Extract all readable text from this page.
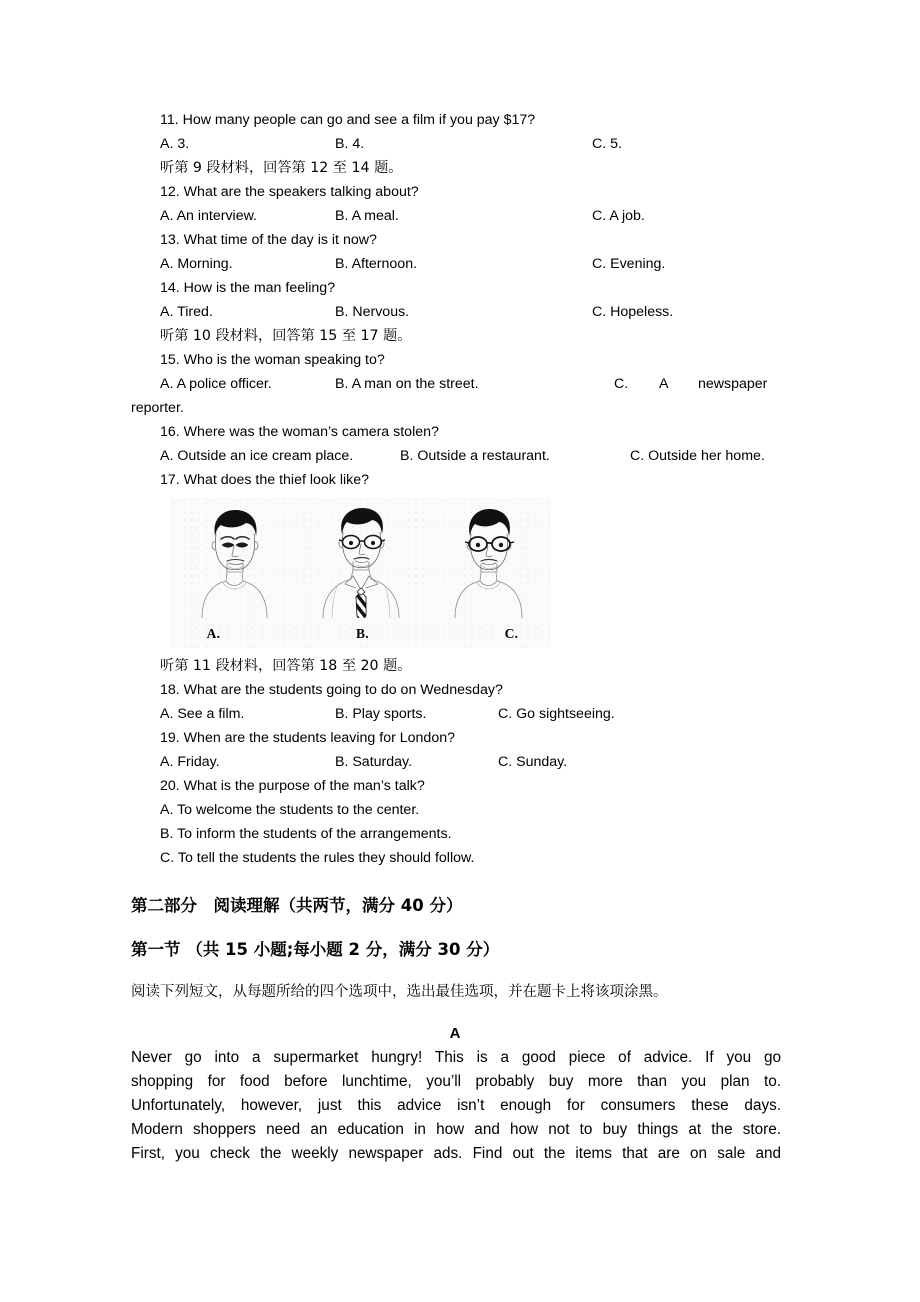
11. How many people can go and see a film if you pay $17?
A. 3.	B. 4.	C. 5.
听第 9 段材料，回答第 12 至 14 题。
12. What are the speakers talking about?
A. An interview.	B. A meal.	C. A job.
13. What time of the day is it now?
A. Morning.	B. Afternoon.	C. Evening.
14. How is the man feeling?
A. Tired.	B. Nervous.	C. Hopeless.
听第 10 段材料，回答第 15 至 17 题。
15. Who is the woman speaking to?
A. A police officer.	B. A man on the street.	C. A newspaper
reporter.
16. Where was the woman’s camera stolen?
A. Outside an ice cream place.	B. Outside a restaurant.	C. Outside her home.
17. What does the thief look like?
A.	B.	C.
听第 11 段材料，回答第 18 至 20 题。
18. What are the students going to do on Wednesday?
A. See a film.	B. Play sports.	C. Go sightseeing.
19. When are the students leaving for London?
A. Friday.	B. Saturday.	C. Sunday.
20. What is the purpose of the man’s talk?
A. To welcome the students to the center.
B. To inform the students of the arrangements.
C. To tell the students the rules they should follow.
第二部分　阅读理解（共两节，满分 40 分）
第一节 （共 15 小题;每小题 2 分，满分 30 分）
阅读下列短文，从每题所给的四个选项中，选出最佳选项，并在题卡上将该项涂黑。
A
Never go into a supermarket hungry! This is a good piece of advice. If you go
shopping for food before lunchtime, you’ll probably buy more than you plan to.
Unfortunately, however, just this advice isn’t enough for consumers these days.
Modern shoppers need an education in how and how not to buy things at the store.
First, you check the weekly newspaper ads. Find out the items that are on sale and
